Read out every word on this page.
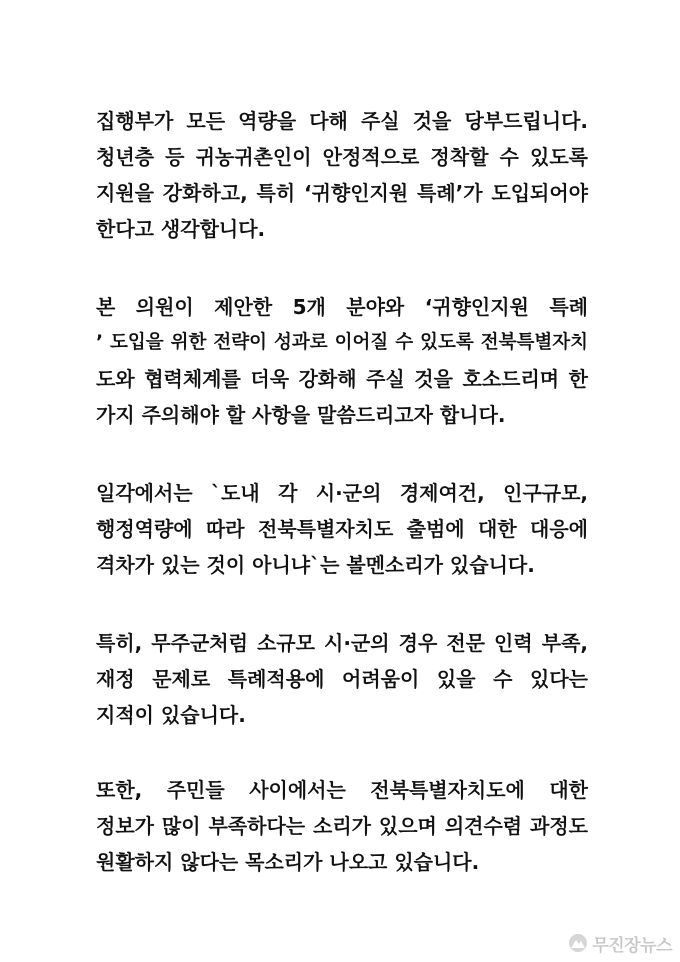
집행부가 모든 역량을 다해 주실 것을 당부드립니다.
청년층 등 귀농귀촌인이 안정적으로 정착할 수 있도록
지원을 강화하고, 특히 ‘귀향인지원 특례’가 도입되어야
한다고 생각합니다.
본 의원이 제안한 5개 분야와 ‘귀향인지원 특례
’ 도입을 위한 전략이 성과로 이어질 수 있도록 전북특별자치
도와 협력체계를 더욱 강화해 주실 것을 호소드리며 한
가지 주의해야 할 사항을 말씀드리고자 합니다.
일각에서는 `도내 각 시·군의 경제여건, 인구규모,
행정역량에 따라 전북특별자치도 출범에 대한 대응에
격차가 있는 것이 아니냐`는 볼멘소리가 있습니다.
특히, 무주군처럼 소규모 시·군의 경우 전문 인력 부족,
재정 문제로 특례적용에 어려움이 있을 수 있다는
지적이 있습니다.
또한, 주민들 사이에서는 전북특별자치도에 대한
정보가 많이 부족하다는 소리가 있으며 의견수렴 과정도
원활하지 않다는 목소리가 나오고 있습니다.
무진장뉴스
